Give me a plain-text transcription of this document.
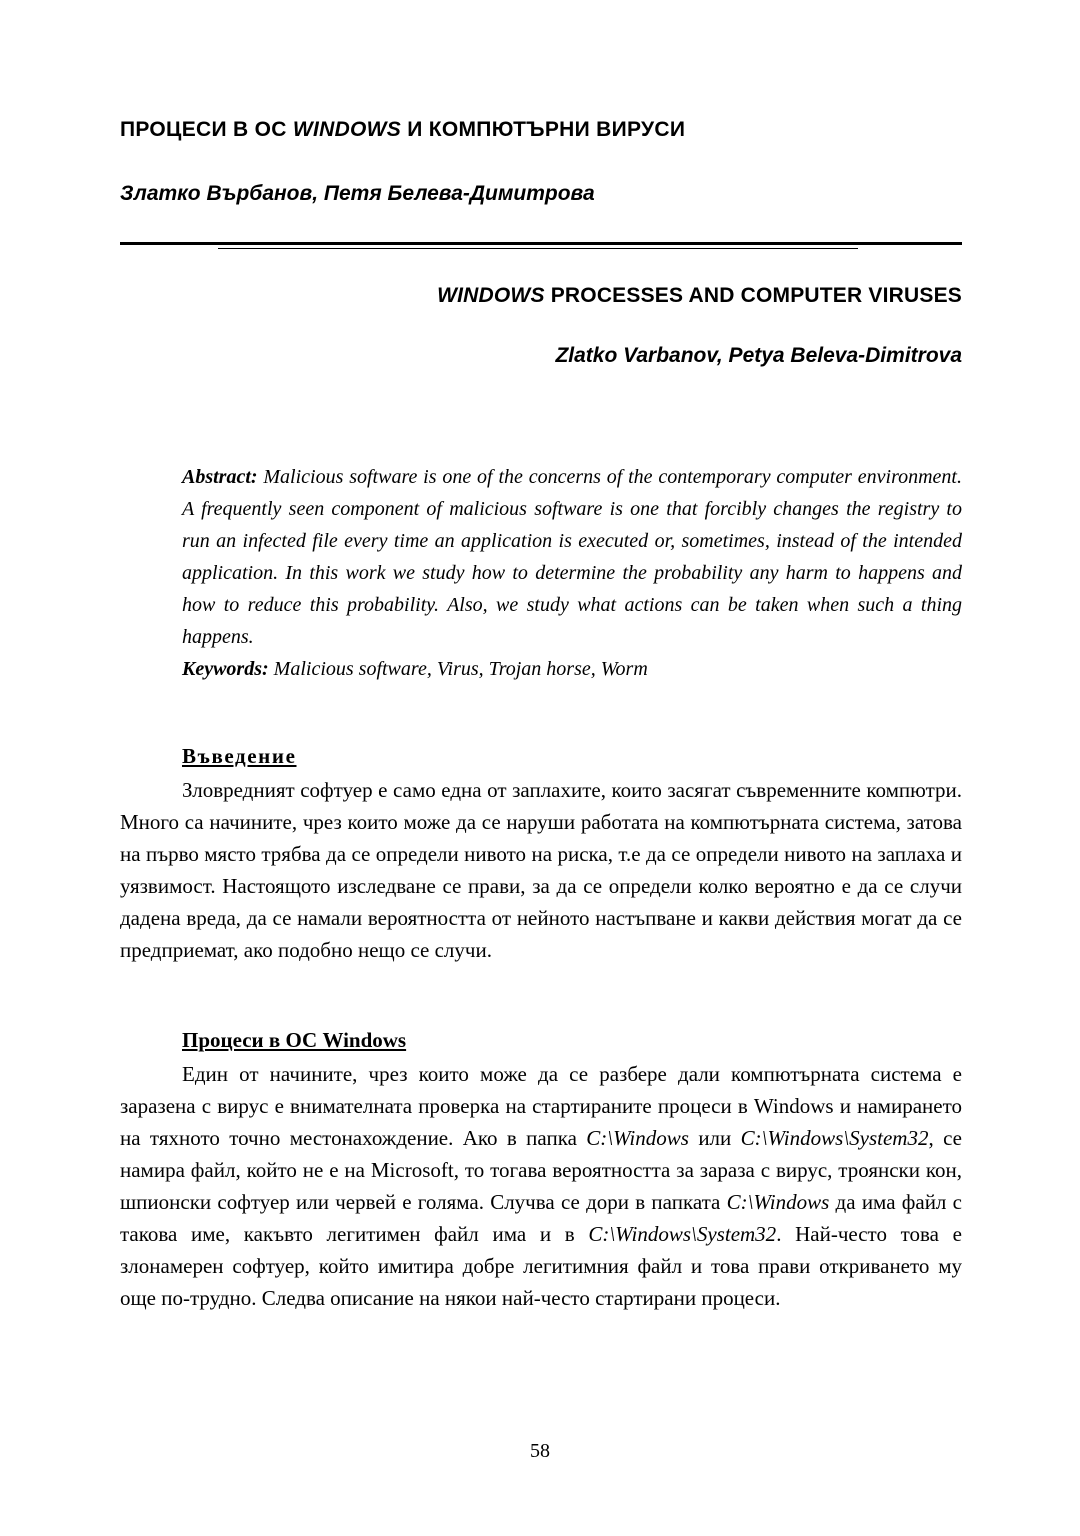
ПРОЦЕСИ В ОС WINDOWS И КОМПЮТЪРНИ ВИРУСИ
Златко Върбанов, Петя Белева-Димитрова
WINDOWS PROCESSES AND COMPUTER VIRUSES
Zlatko Varbanov, Petya Beleva-Dimitrova

Abstract: Malicious software is one of the concerns of the contemporary computer environment. A frequently seen component of malicious software is one that forcibly changes the registry to run an infected file every time an application is executed or, sometimes, instead of the intended application. In this work we study how to determine the probability any harm to happens and how to reduce this probability. Also, we study what actions can be taken when such a thing happens.

Keywords: Malicious software, Virus, Trojan horse, Worm

Въведение

Зловредният софтуер е само една от заплахите, които засягат съвременните компютри. Много са начините, чрез които може да се наруши работата на компютърната система, затова на първо място трябва да се определи нивото на риска, т.е да се определи нивото на заплаха и уязвимост. Настоящото изследване се прави, за да се определи колко вероятно е да се случи дадена вреда, да се намали вероятността от нейното настъпване и какви действия могат да се предприемат, ако подобно нещо се случи.

Процеси в ОС Windows

Един от начините, чрез които може да се разбере дали компютърната система е заразена с вирус е внимателната проверка на стартираните процеси в Windows и намирането на тяхното точно местонахождение. Ако в папка C:\Windows или C:\Windows\System32, се намира файл, който не е на Microsoft, то тогава вероятността за зараза с вирус, троянски кон, шпионски софтуер или червей е голяма. Случва се дори в папката C:\Windows да има файл с такова име, какъвто легитимен файл има и в C:\Windows\System32. Най-често това е злонамерен софтуер, който имитира добре легитимния файл и това прави откриването му още по-трудно. Следва описание на някои най-често стартирани процеси.

58
